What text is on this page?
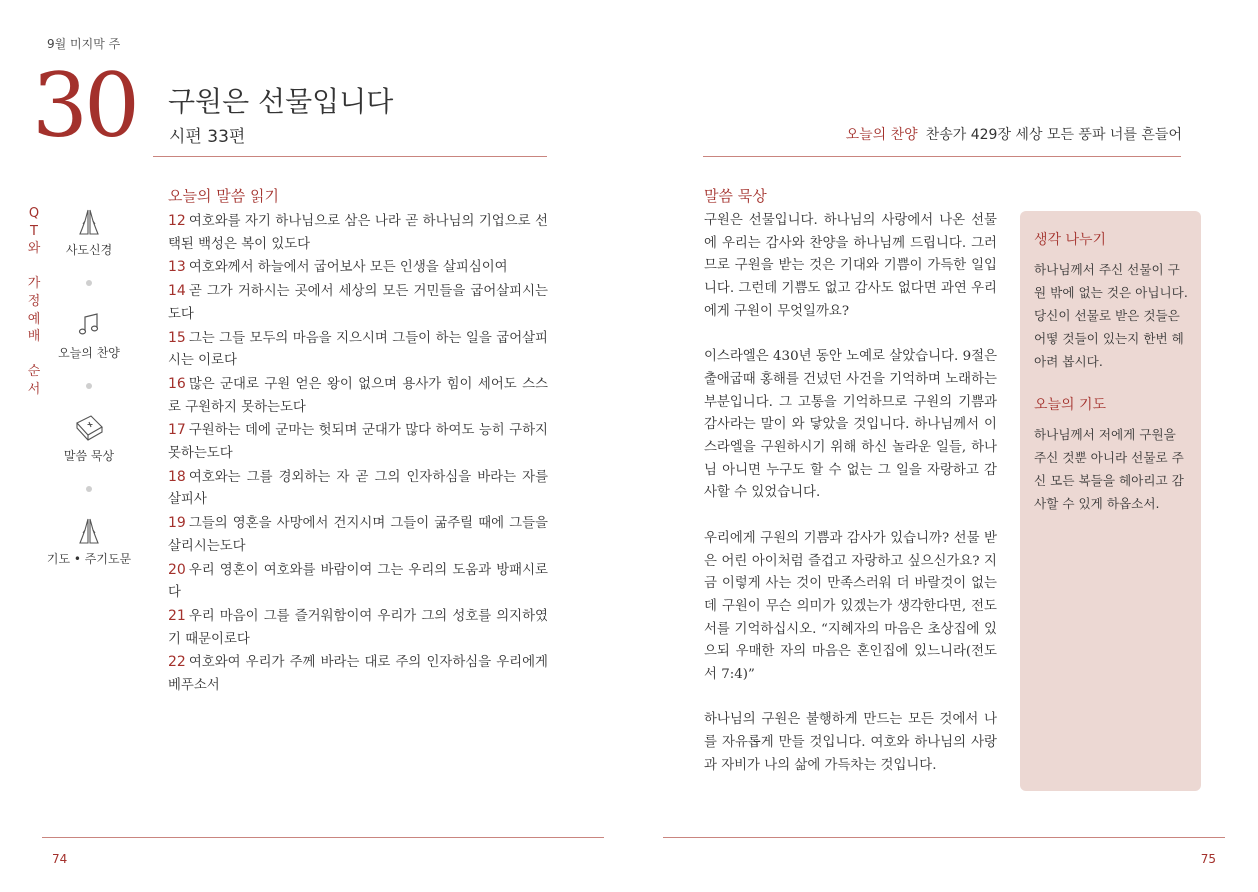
9월 미지막 주
30 구원은 선물입니다
시편 33편	오늘의 찬양 찬송가 429장 세상 모든 풍파 너를 흔들어
Q
T
와

가
정
예
배

순
서
사도신경
오늘의 찬양
말씀 묵상
기도 • 주기도문
오늘의 말씀 읽기
12 여호와를 자기 하나님으로 삼은 나라 곧 하나님의 기업으로 선택된 백성은 복이 있도다
13 여호와께서 하늘에서 굽어보사 모든 인생을 살피심이여
14 곧 그가 거하시는 곳에서 세상의 모든 거민들을 굽어살피시는도다
15 그는 그들 모두의 마음을 지으시며 그들이 하는 일을 굽어살피시는 이로다
16 많은 군대로 구원 얻은 왕이 없으며 용사가 힘이 세어도 스스로 구원하지 못하는도다
17 구원하는 데에 군마는 헛되며 군대가 많다 하여도 능히 구하지 못하는도다
18 여호와는 그를 경외하는 자 곧 그의 인자하심을 바라는 자를 살피사
19 그들의 영혼을 사망에서 건지시며 그들이 굶주릴 때에 그들을 살리시는도다
20 우리 영혼이 여호와를 바람이여 그는 우리의 도움과 방패시로다
21 우리 마음이 그를 즐거워함이여 우리가 그의 성호를 의지하였기 때문이로다
22 여호와여 우리가 주께 바라는 대로 주의 인자하심을 우리에게 베푸소서
말씀 묵상

구원은 선물입니다. 하나님의 사랑에서 나온 선물에 우리는 감사와 찬양을 하나님께 드립니다. 그러므로 구원을 받는 것은 기대와 기쁨이 가득한 일입니다. 그런데 기쁨도 없고 감사도 없다면 과연 우리에게 구원이 무엇일까요?

이스라엘은 430년 동안 노예로 살았습니다. 9절은 출애굽때 홍해를 건넜던 사건을 기억하며 노래하는 부분입니다. 그 고통을 기억하므로 구원의 기쁨과 감사라는 말이 와 닿았을 것입니다. 하나님께서 이스라엘을 구원하시기 위해 하신 놀라운 일들, 하나님 아니면 누구도 할 수 없는 그 일을 자랑하고 감사할 수 있었습니다.

우리에게 구원의 기쁨과 감사가 있습니까? 선물 받은 어린 아이처럼 즐겁고 자랑하고 싶으신가요? 지금 이렇게 사는 것이 만족스러워 더 바랄것이 없는데 구원이 무슨 의미가 있겠는가 생각한다면, 전도서를 기억하십시오. “지혜자의 마음은 초상집에 있으되 우매한 자의 마음은 혼인집에 있느니라(전도서 7:4)”

하나님의 구원은 불행하게 만드는 모든 것에서 나를 자유롭게 만들 것입니다. 여호와 하나님의 사랑과 자비가 나의 삶에 가득차는 것입니다.

생각 나누기
하나님께서 주신 선물이 구원 밖에 없는 것은 아닙니다. 당신이 선물로 받은 것들은 어떻 것들이 있는지 한번 헤아려 봅시다.
오늘의 기도
하나님께서 저에게 구원을 주신 것뿐 아니라 선물로 주신 모든 복들을 헤아리고 감사할 수 있게 하옵소서.
74	75
